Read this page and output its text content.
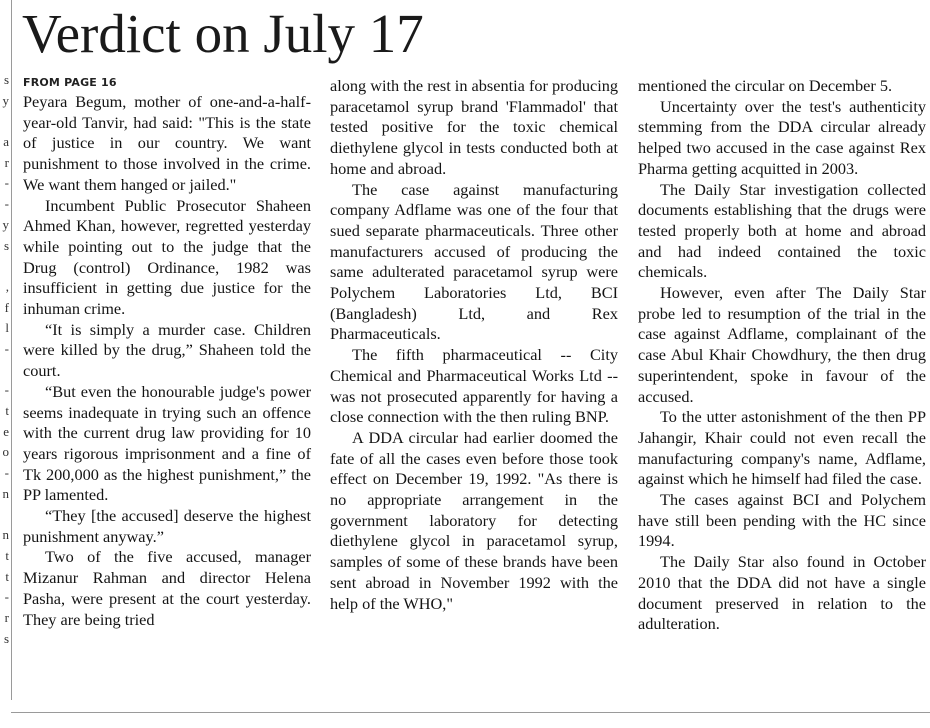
s
y
a
r
-
-
y
s
,
f
l
-
-
t
e
o
-
n
n
t
t
-
r
s
Verdict on July 17
FROM PAGE 16

Peyara Begum, mother of one-and-a-half-year-old Tanvir, had said: "This is the state of justice in our country. We want punishment to those involved in the crime. We want them hanged or jailed."

Incumbent Public Prosecutor Shaheen Ahmed Khan, however, regretted yesterday while pointing out to the judge that the Drug (control) Ordinance, 1982 was insufficient in getting due justice for the inhuman crime.

“It is simply a murder case. Children were killed by the drug,” Shaheen told the court.

“But even the honourable judge's power seems inadequate in trying such an offence with the current drug law providing for 10 years rigorous imprisonment and a fine of Tk 200,000 as the highest punishment,” the PP lamented.

“They [the accused] deserve the highest punishment anyway.”

Two of the five accused, manager Mizanur Rahman and director Helena Pasha, were present at the court yesterday. They are being tried

along with the rest in absentia for producing paracetamol syrup brand 'Flammadol' that tested positive for the toxic chemical diethylene glycol in tests conducted both at home and abroad.

The case against manufacturing company Adflame was one of the four that sued separate pharmaceuticals. Three other manufacturers accused of producing the same adulterated paracetamol syrup were Polychem Laboratories Ltd, BCI (Bangladesh) Ltd, and Rex Pharmaceuticals.

The fifth pharmaceutical -- City Chemical and Pharmaceutical Works Ltd -- was not prosecuted apparently for having a close connection with the then ruling BNP.

A DDA circular had earlier doomed the fate of all the cases even before those took effect on December 19, 1992. "As there is no appropriate arrangement in the government laboratory for detecting diethylene glycol in paracetamol syrup, samples of some of these brands have been sent abroad in November 1992 with the help of the WHO,"

mentioned the circular on December 5.

Uncertainty over the test's authenticity stemming from the DDA circular already helped two accused in the case against Rex Pharma getting acquitted in 2003.

The Daily Star investigation collected documents establishing that the drugs were tested properly both at home and abroad and had indeed contained the toxic chemicals.

However, even after The Daily Star probe led to resumption of the trial in the case against Adflame, complainant of the case Abul Khair Chowdhury, the then drug superintendent, spoke in favour of the accused.

To the utter astonishment of the then PP Jahangir, Khair could not even recall the manufacturing company's name, Adflame, against which he himself had filed the case.

The cases against BCI and Polychem have still been pending with the HC since 1994.

The Daily Star also found in October 2010 that the DDA did not have a single document preserved in relation to the adulteration.
